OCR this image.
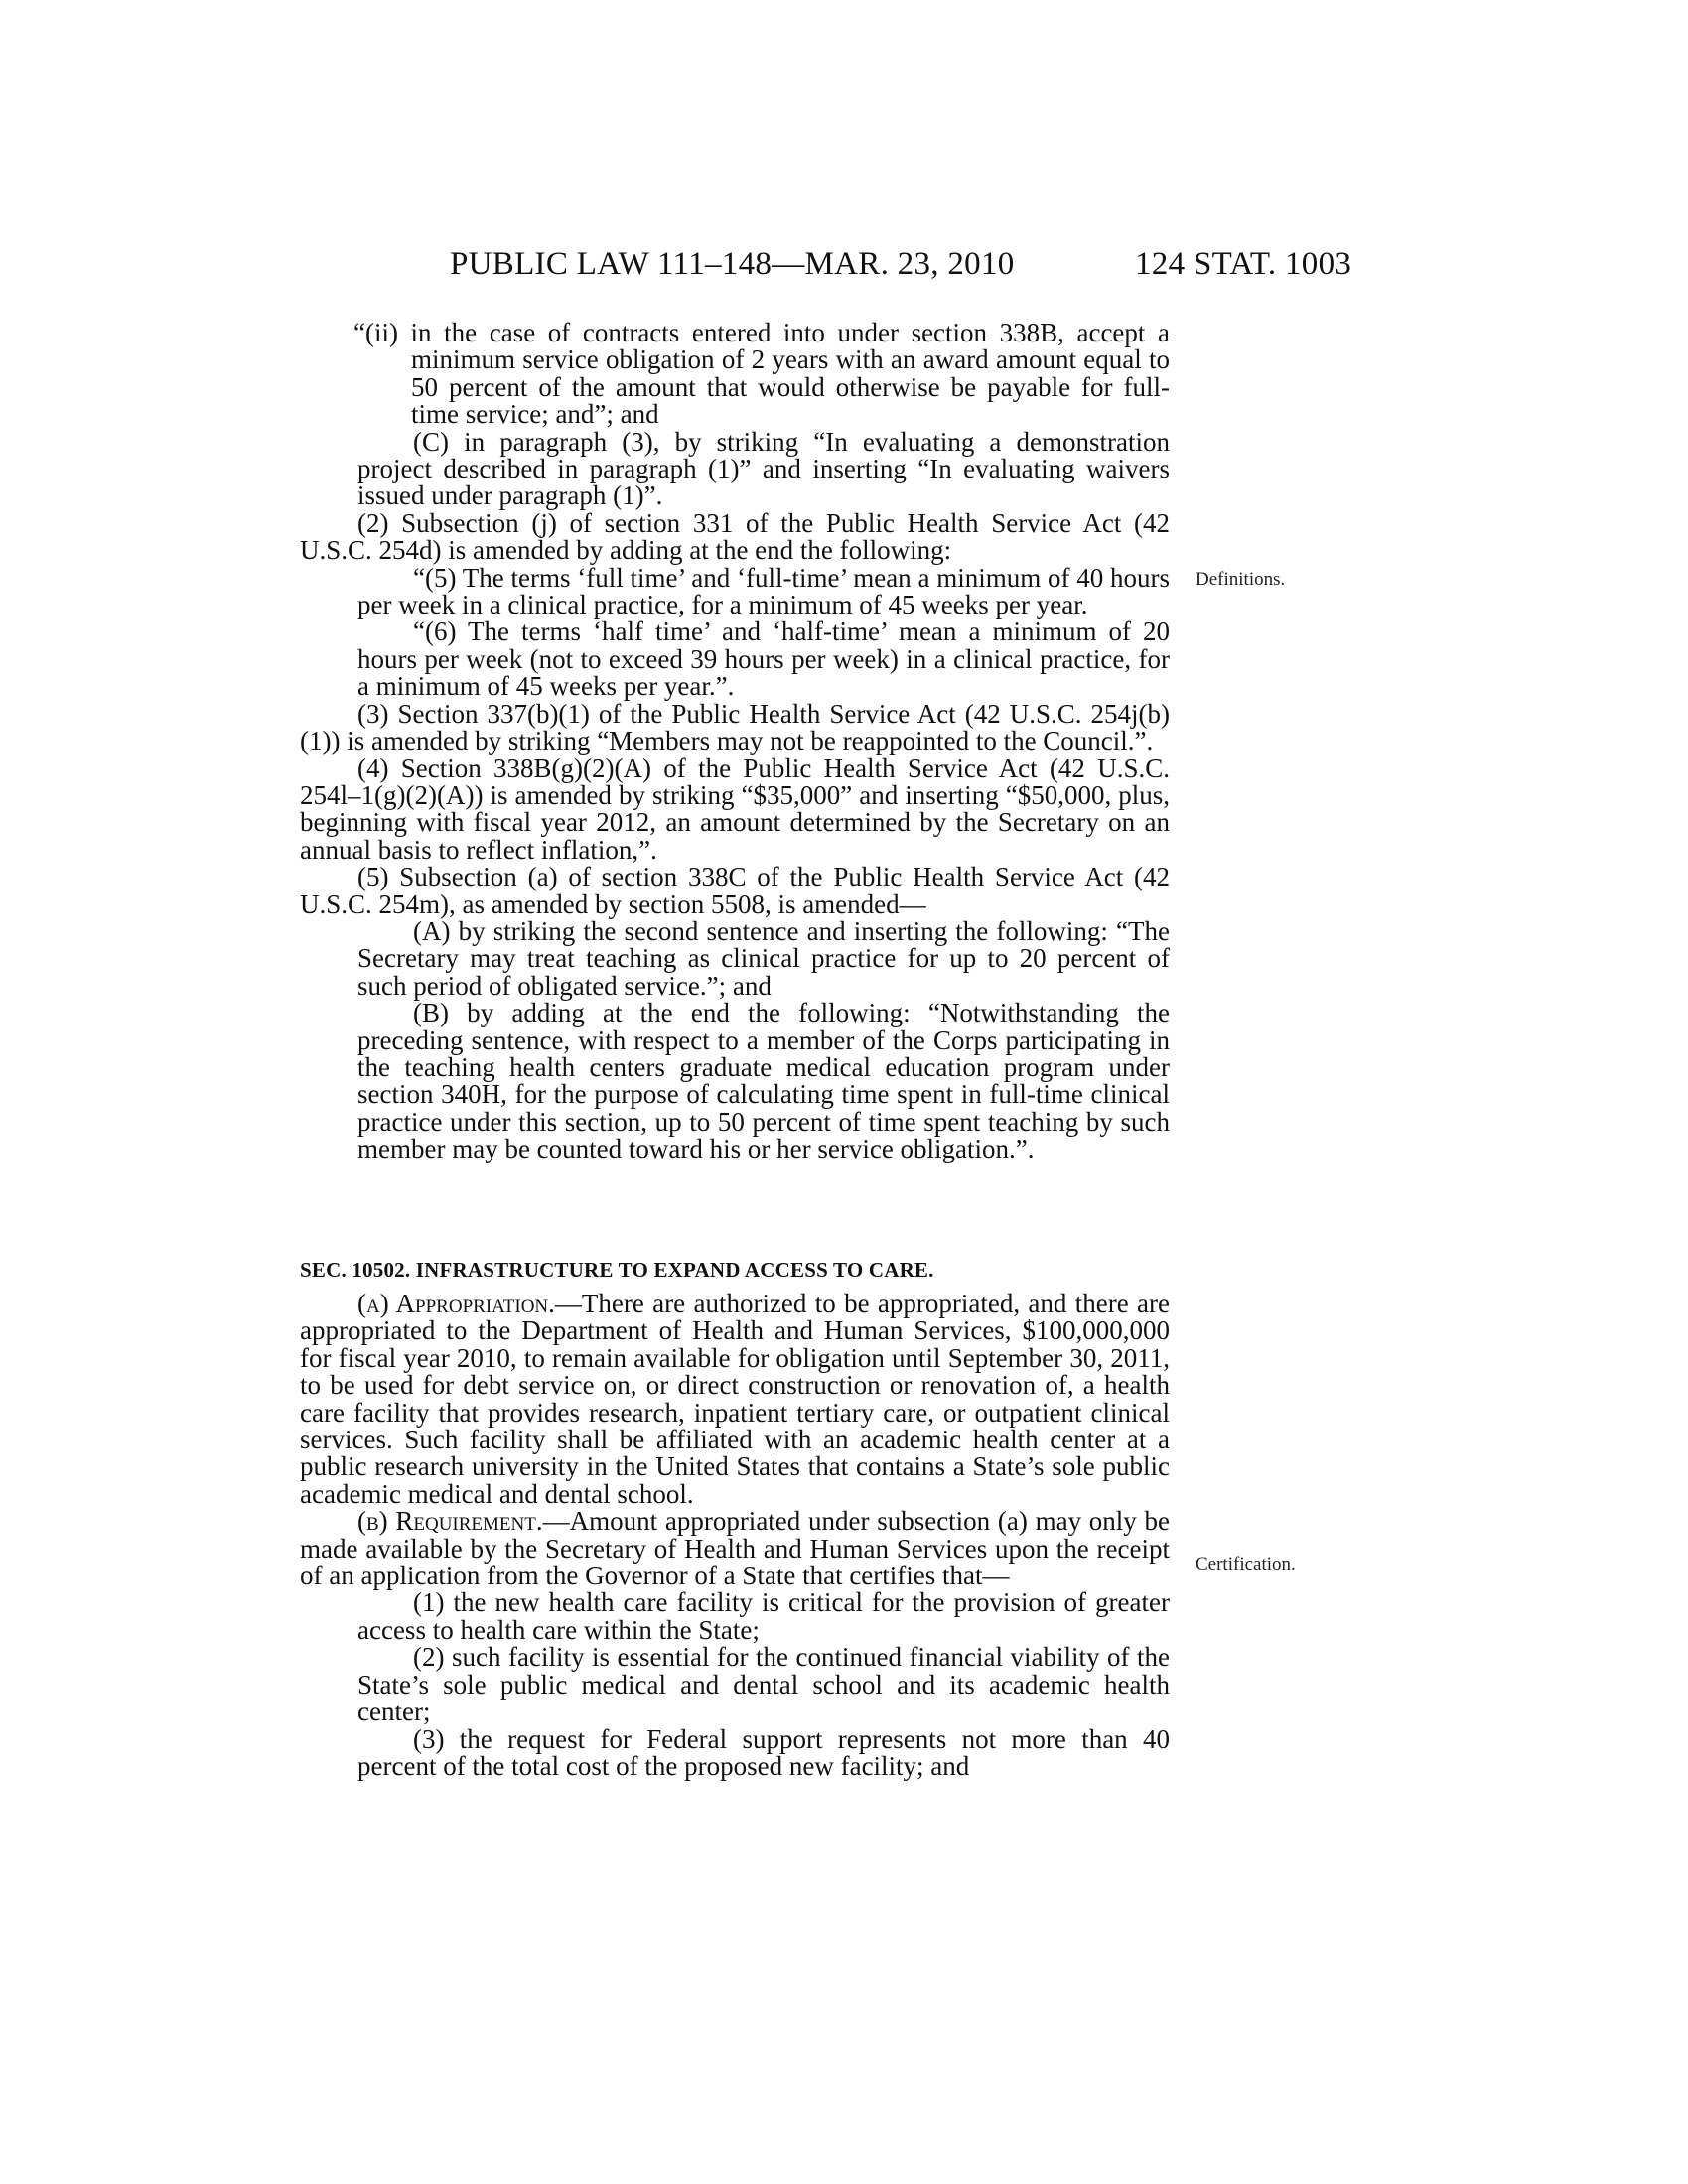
PUBLIC LAW 111–148—MAR. 23, 2010	124 STAT. 1003

“(ii) in the case of contracts entered into under section 338B, accept a minimum service obligation of 2 years with an award amount equal to 50 percent of the amount that would otherwise be payable for full-time service; and”; and

(C) in paragraph (3), by striking “In evaluating a demonstration project described in paragraph (1)” and inserting “In evaluating waivers issued under paragraph (1)”.

(2) Subsection (j) of section 331 of the Public Health Service Act (42 U.S.C. 254d) is amended by adding at the end the following:

“(5) The terms ‘full time’ and ‘full-time’ mean a minimum of 40 hours per week in a clinical practice, for a minimum of 45 weeks per year.

“(6) The terms ‘half time’ and ‘half-time’ mean a minimum of 20 hours per week (not to exceed 39 hours per week) in a clinical practice, for a minimum of 45 weeks per year.”.

(3) Section 337(b)(1) of the Public Health Service Act (42 U.S.C. 254j(b)(1)) is amended by striking “Members may not be reappointed to the Council.”.

(4) Section 338B(g)(2)(A) of the Public Health Service Act (42 U.S.C. 254l–1(g)(2)(A)) is amended by striking “$35,000” and inserting “$50,000, plus, beginning with fiscal year 2012, an amount determined by the Secretary on an annual basis to reflect inflation,”.

(5) Subsection (a) of section 338C of the Public Health Service Act (42 U.S.C. 254m), as amended by section 5508, is amended—

(A) by striking the second sentence and inserting the following: “The Secretary may treat teaching as clinical practice for up to 20 percent of such period of obligated service.”; and

(B) by adding at the end the following: “Notwithstanding the preceding sentence, with respect to a member of the Corps participating in the teaching health centers graduate medical education program under section 340H, for the purpose of calculating time spent in full-time clinical practice under this section, up to 50 percent of time spent teaching by such member may be counted toward his or her service obligation.”.

SEC. 10502. INFRASTRUCTURE TO EXPAND ACCESS TO CARE.

(a) Appropriation.—There are authorized to be appropriated, and there are appropriated to the Department of Health and Human Services, $100,000,000 for fiscal year 2010, to remain available for obligation until September 30, 2011, to be used for debt service on, or direct construction or renovation of, a health care facility that provides research, inpatient tertiary care, or outpatient clinical services. Such facility shall be affiliated with an academic health center at a public research university in the United States that contains a State’s sole public academic medical and dental school.

(b) Requirement.—Amount appropriated under subsection (a) may only be made available by the Secretary of Health and Human Services upon the receipt of an application from the Governor of a State that certifies that—

(1) the new health care facility is critical for the provision of greater access to health care within the State;

(2) such facility is essential for the continued financial viability of the State’s sole public medical and dental school and its academic health center;

(3) the request for Federal support represents not more than 40 percent of the total cost of the proposed new facility; and

Definitions.
Certification.
